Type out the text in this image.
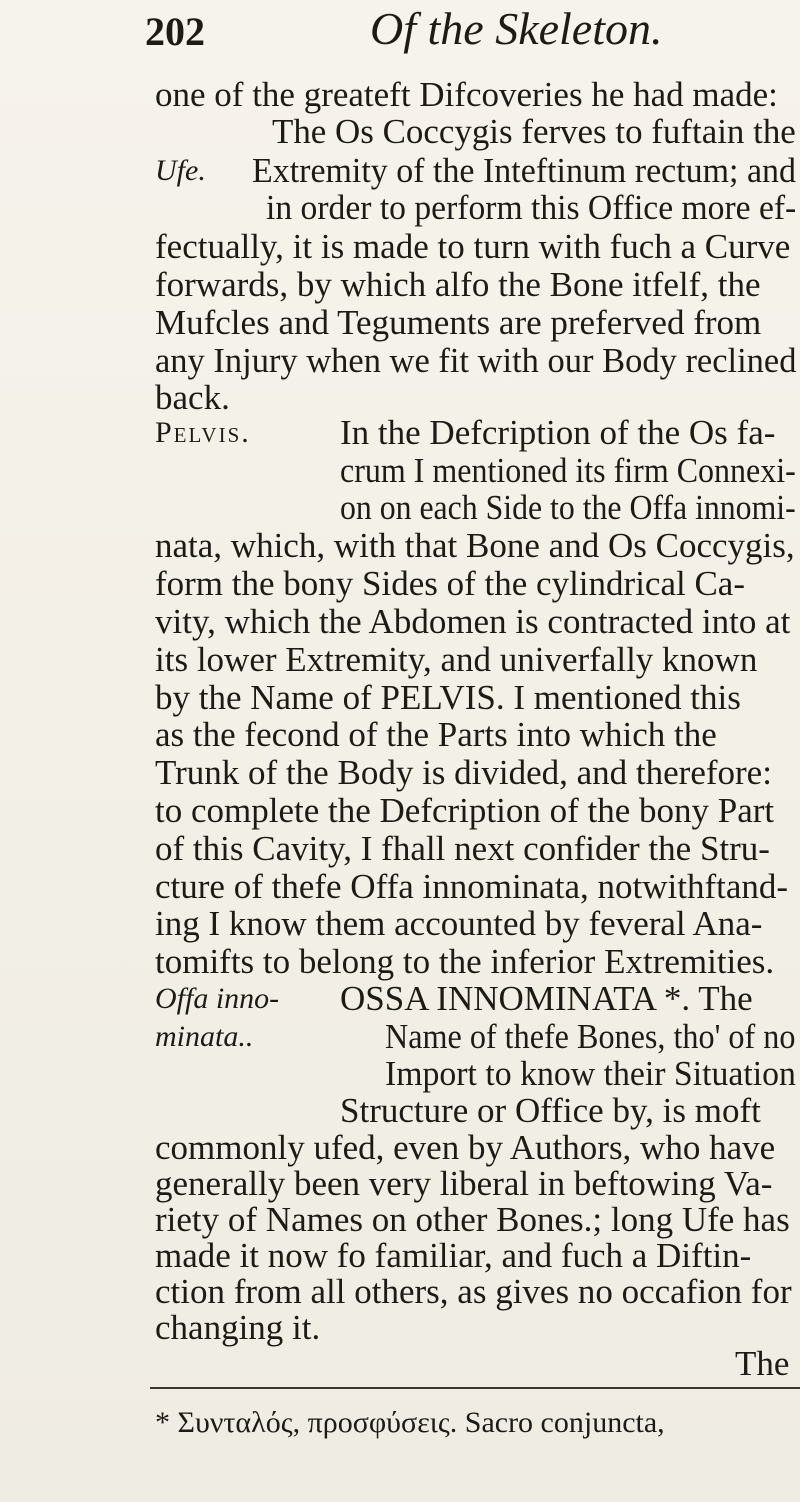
202	Of the Skeleton.
Ufe.
Pelvis.
Offa inno-
minata..
one of the greateft Difcoveries he had made:
The Os Coccygis ferves to fuftain the
Extremity of the Inteftinum rectum; and
in order to perform this Office more ef-
fectually, it is made to turn with fuch a Curve
forwards, by which alfo the Bone itfelf, the
Mufcles and Teguments are preferved from
any Injury when we fit with our Body reclined
back.
In the Defcription of the Os fa-
crum I mentioned its firm Connexi-
on on each Side to the Offa innomi-
nata, which, with that Bone and Os Coccygis,
form the bony Sides of the cylindrical Ca-
vity, which the Abdomen is contracted into at
its lower Extremity, and univerfally known
by the Name of PELVIS. I mentioned this
as the fecond of the Parts into which the
Trunk of the Body is divided, and therefore:
to complete the Defcription of the bony Part
of this Cavity, I fhall next confider the Stru-
cture of thefe Offa innominata, notwithftand-
ing I know them accounted by feveral Ana-
tomifts to belong to the inferior Extremities.
OSSA INNOMINATA *. The
Name of thefe Bones, tho' of no
Import to know their Situation
Structure or Office by, is moft
commonly ufed, even by Authors, who have
generally been very liberal in beftowing Va-
riety of Names on other Bones.; long Ufe has
made it now fo familiar, and fuch a Diftin-
ction from all others, as gives no occafion for
changing it.
The
* Συνταλός, προσφύσεις. Sacro conjuncta,
